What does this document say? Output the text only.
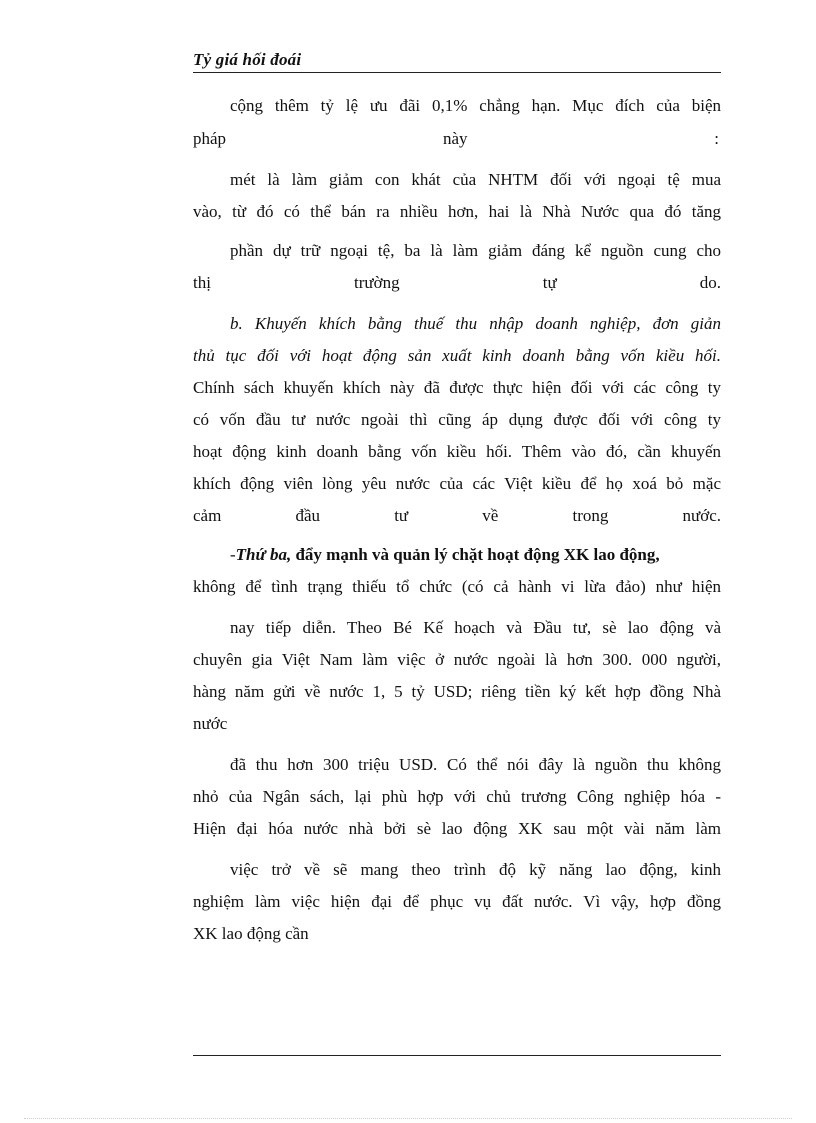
Tỷ giá hối đoái
cộng thêm tỷ lệ ưu đãi 0,1% chẳng hạn. Mục đích của biện
pháp	này	:
mét là làm giảm con khát của NHTM đối với ngoại tệ mua
vào, từ đó có thể bán ra nhiều hơn, hai là Nhà Nước qua đó tăng
phần dự trữ ngoại tệ, ba là làm giảm đáng kể nguồn cung cho
thị	trường	tự	do.
b. Khuyến khích bằng thuế thu nhập doanh nghiệp, đơn giản
thủ tục đối với hoạt động sản xuất kinh doanh bằng vốn kiều hối.
Chính sách khuyến khích này đã được thực hiện đối với các công ty
có vốn đầu tư nước ngoài thì cũng áp dụng được đối với công ty
hoạt động kinh doanh bằng vốn kiều hối. Thêm vào đó, cần khuyến
khích động viên lòng yêu nước của các Việt kiều để họ xoá bỏ mặc
cảm	đầu	tư	về	trong	nước.
-Thứ ba, đẩy mạnh và quản lý chặt hoạt động XK lao động,
không để tình trạng thiếu tổ chức (có cả hành vi lừa đảo) như hiện
nay tiếp diễn. Theo Bé Kế hoạch và Đầu tư, sè lao động và
chuyên gia Việt Nam làm việc ở nước ngoài là hơn 300. 000 người,
hàng năm gửi về nước 1, 5 tỷ USD; riêng tiền ký kết hợp đồng Nhà
nước
đã thu hơn 300 triệu USD. Có thể nói đây là nguồn thu không
nhỏ của Ngân sách, lại phù hợp với chủ trương Công nghiệp hóa -
Hiện đại hóa nước nhà bởi sè lao động XK sau một vài năm làm
việc trở về sẽ mang theo trình độ kỹ năng lao động, kinh
nghiệm làm việc hiện đại để phục vụ đất nước. Vì vậy, hợp đồng
XK lao động cần
